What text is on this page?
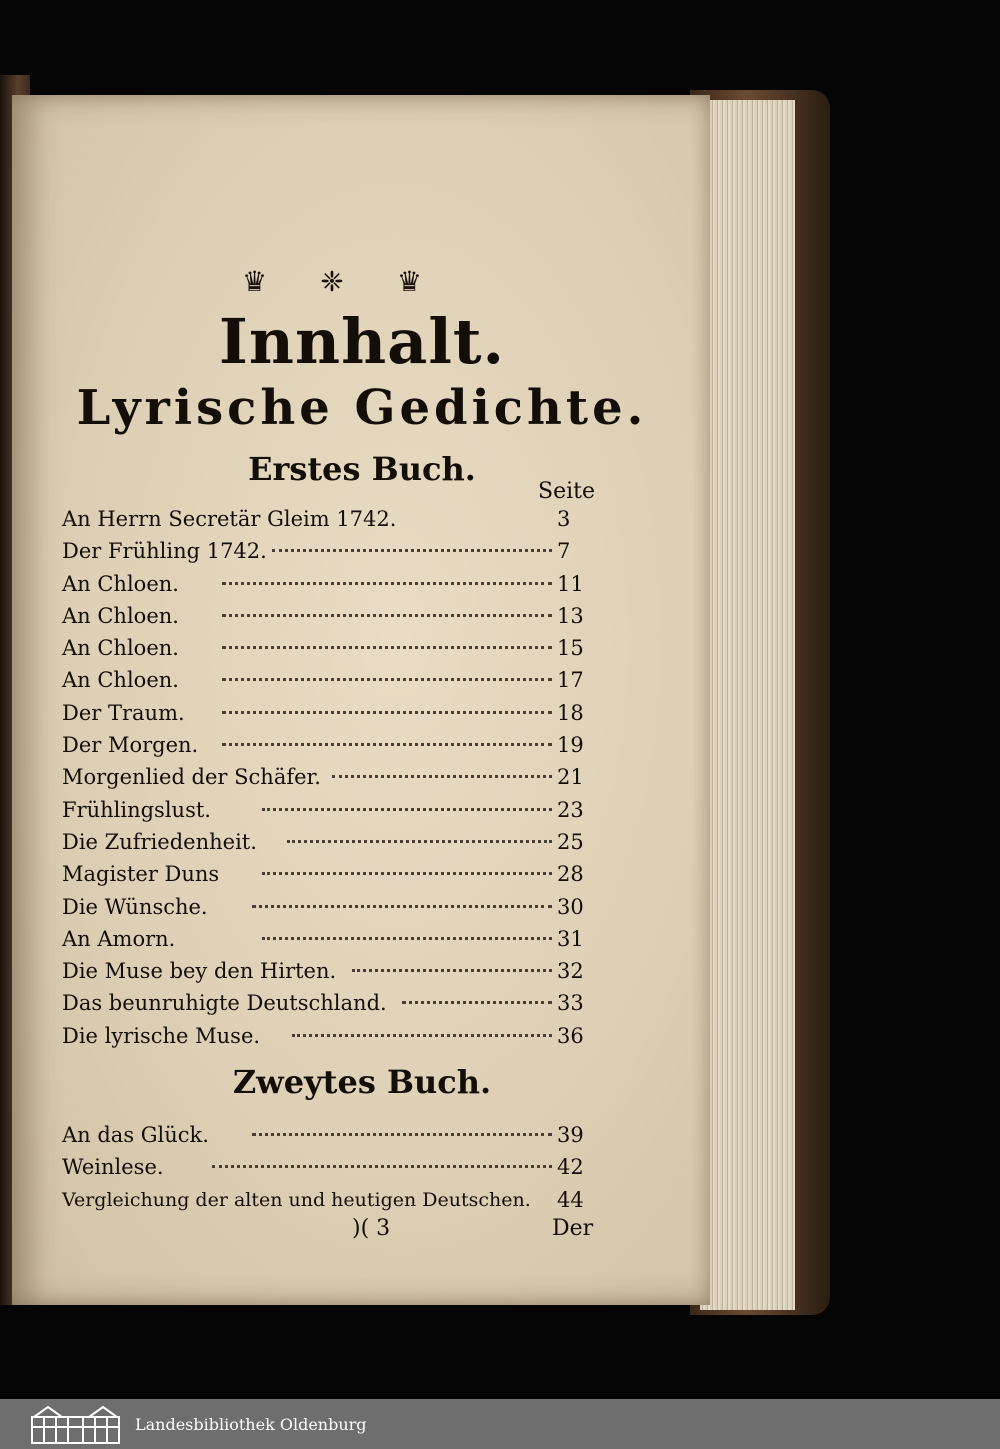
♛ ❈ ♛
Innhalt.
Lyrische Gedichte.
Erstes Buch.
Seite
An Herrn Secretär Gleim 1742.	3
Der Frühling 1742.	7
An Chloen.	11
An Chloen.	13
An Chloen.	15
An Chloen.	17
Der Traum.	18
Der Morgen.	19
Morgenlied der Schäfer.	21
Frühlingslust.	23
Die Zufriedenheit.	25
Magister Duns	28
Die Wünsche.	30
An Amorn.	31
Die Muse bey den Hirten.	32
Das beunruhigte Deutschland.	33
Die lyrische Muse.	36
Zweytes Buch.
An das Glück.	39
Weinlese.	42
Vergleichung der alten und heutigen Deutschen. 44
)( 3	Der
Landesbibliothek Oldenburg
